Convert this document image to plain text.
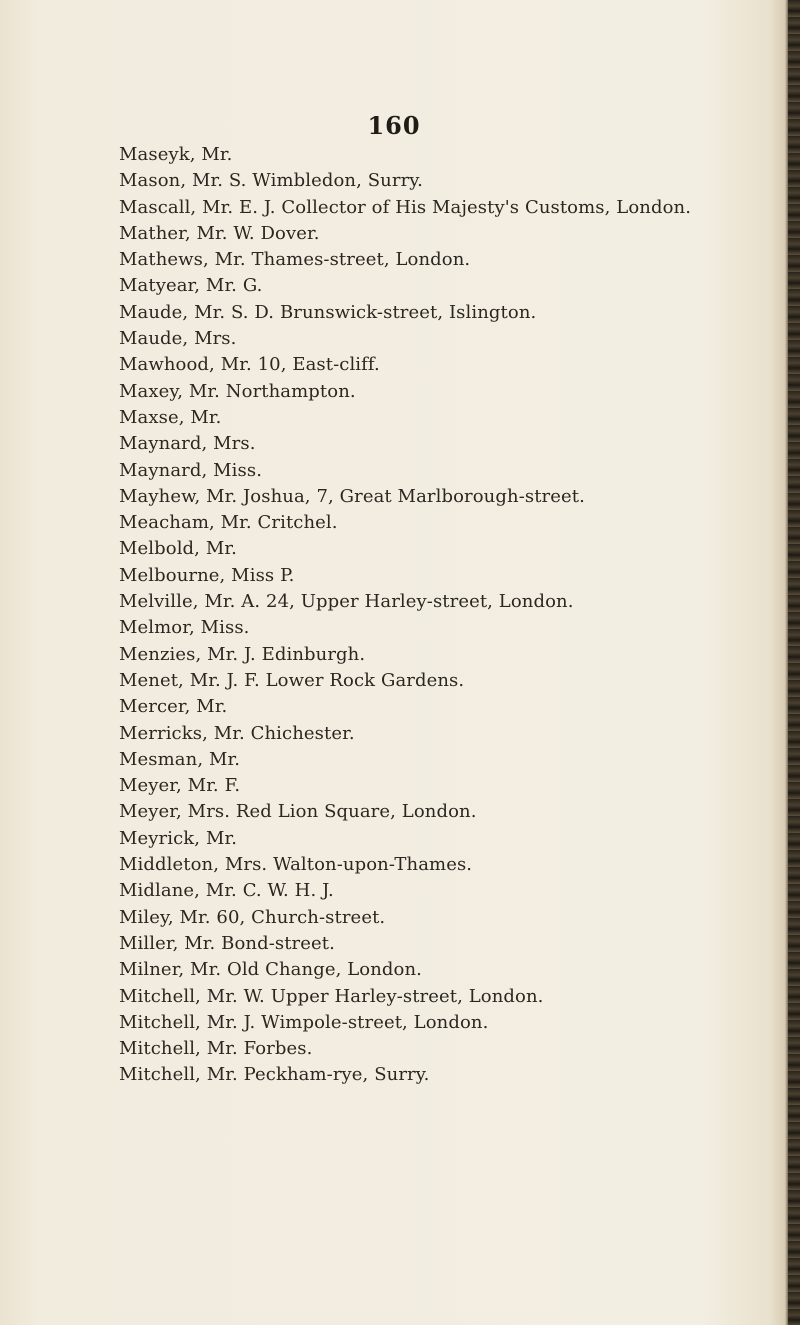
160
Maseyk, Mr.
Mason, Mr. S. Wimbledon, Surry.
Mascall, Mr. E. J. Collector of His Majesty's Customs, London.
Mather, Mr. W. Dover.
Mathews, Mr. Thames-street, London.
Matyear, Mr. G.
Maude, Mr. S. D. Brunswick-street, Islington.
Maude, Mrs.
Mawhood, Mr. 10, East-cliff.
Maxey, Mr. Northampton.
Maxse, Mr.
Maynard, Mrs.
Maynard, Miss.
Mayhew, Mr. Joshua, 7, Great Marlborough-street.
Meacham, Mr. Critchel.
Melbold, Mr.
Melbourne, Miss P.
Melville, Mr. A. 24, Upper Harley-street, London.
Melmor, Miss.
Menzies, Mr. J. Edinburgh.
Menet, Mr. J. F. Lower Rock Gardens.
Mercer, Mr.
Merricks, Mr. Chichester.
Mesman, Mr.
Meyer, Mr. F.
Meyer, Mrs. Red Lion Square, London.
Meyrick, Mr.
Middleton, Mrs. Walton-upon-Thames.
Midlane, Mr. C. W. H. J.
Miley, Mr. 60, Church-street.
Miller, Mr. Bond-street.
Milner, Mr. Old Change, London.
Mitchell, Mr. W. Upper Harley-street, London.
Mitchell, Mr. J. Wimpole-street, London.
Mitchell, Mr. Forbes.
Mitchell, Mr. Peckham-rye, Surry.
